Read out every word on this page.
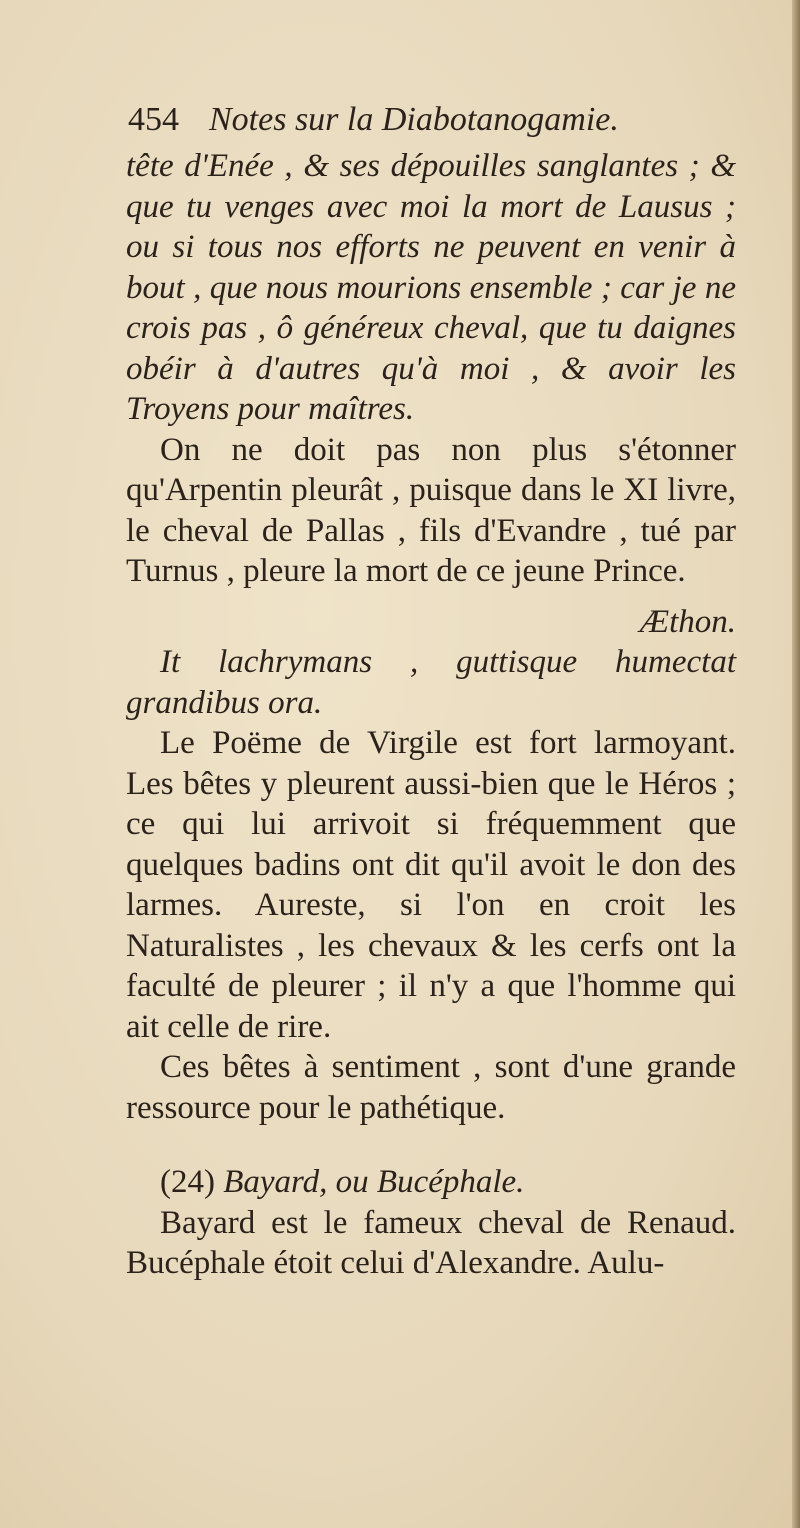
454 Notes sur la Diabotanogamie.

tête d'Enée , & ses dépouilles sanglantes ; & que tu venges avec moi la mort de Lausus ; ou si tous nos efforts ne peuvent en venir à bout , que nous mourions ensemble ; car je ne crois pas , ô généreux cheval, que tu daignes obéir à d'autres qu'à moi , & avoir les Troyens pour maîtres.

On ne doit pas non plus s'étonner qu'Arpentin pleurât , puisque dans le XI livre, le cheval de Pallas , fils d'Evandre , tué par Turnus , pleure la mort de ce jeune Prince.

Æthon.

It lachrymans , guttisque humectat grandibus ora.

Le Poëme de Virgile est fort larmoyant. Les bêtes y pleurent aussi-bien que le Héros ; ce qui lui arrivoit si fréquemment que quelques badins ont dit qu'il avoit le don des larmes. Aureste, si l'on en croit les Naturalistes , les chevaux & les cerfs ont la faculté de pleurer ; il n'y a que l'homme qui ait celle de rire.

Ces bêtes à sentiment , sont d'une grande ressource pour le pathétique.

(24) Bayard, ou Bucéphale.

Bayard est le fameux cheval de Renaud. Bucéphale étoit celui d'Alexandre. Aulu-
